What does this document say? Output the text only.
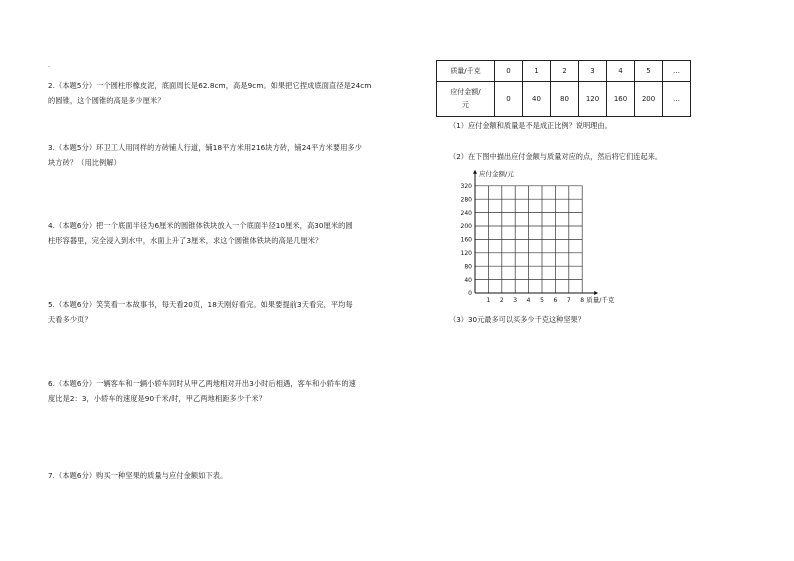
.
2.（本题5分）一个圆柱形橡皮泥，底面周长是62.8cm，高是9cm。如果把它捏成底面直径是24cm
的圆锥，这个圆锥的高是多少厘米？
3.（本题5分）环卫工人用同样的方砖铺人行道，铺18平方米用216块方砖，铺24平方米要用多少
块方砖？（用比例解）
4.（本题6分）把一个底面半径为6厘米的圆锥体铁块放入一个底面半径10厘米，高30厘米的圆
柱形容器里，完全浸入到水中，水面上升了3厘米，求这个圆锥体铁块的高是几厘米？
5.（本题6分）笑笑看一本故事书，每天看20页，18天刚好看完。如果要提前3天看完，平均每
天看多少页？
6.（本题6分）一辆客车和一辆小轿车同时从甲乙两地相对开出3小时后相遇，客车和小轿车的速
度比是2：3，小轿车的速度是90千米/时，甲乙两地相距多少千米？
7.（本题6分）购买一种坚果的质量与应付金额如下表。
质量/千克	0	1	2	3	4	5	…
应付金额/
元	0	40	80	120	160	200	…
（1）应付金额和质量是不是成正比例？说明理由。
（2）在下图中描出应付金额与质量对应的点，然后将它们连起来。
（3）30元最多可以买多少千克这种坚果？
0
40
80
120
160
200
240
280
320
1 2 3 4 5 6 7 8
应付金额/元
质量/千克
